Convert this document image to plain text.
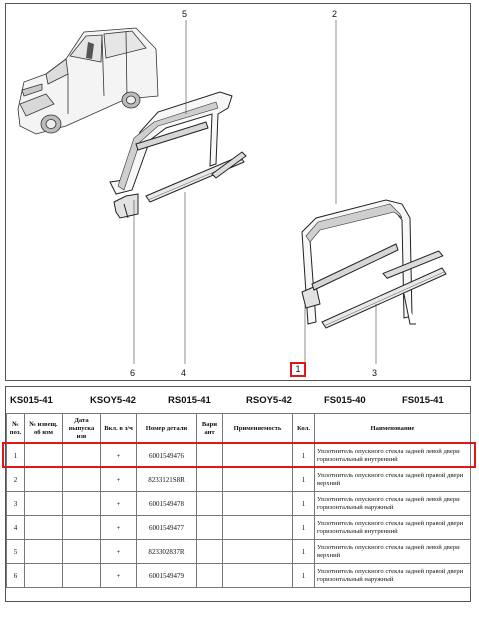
5	2
6	4	3
1
KS015-41	KSOY5-42	RS015-41	RSOY5-42	FS015-40	FS015-41
№ поз.	№ извещ. об изм	Дата выпуска изв	Вкл. в з/ч	Номер детали	Вари ант	Применяемость	Кол.	Наименование
1			+	6001549476			1	Уплотнитель опускного стекла задней левой двери горизонтальный внутренний
2			+	8233121S8R			1	Уплотнитель опускного стекла задней правой двери верхний
3			+	6001549478			1	Уплотнитель опускного стекла задней левой двери горизонтальный наружный
4			+	6001549477			1	Уплотнитель опускного стекла задней правой двери горизонтальный внутренний
5			+	823302837R			1	Уплотнитель опускного стекла задней левой двери верхний
6			+	6001549479			1	Уплотнитель опускного стекла задней правой двери горизонтальный наружный
